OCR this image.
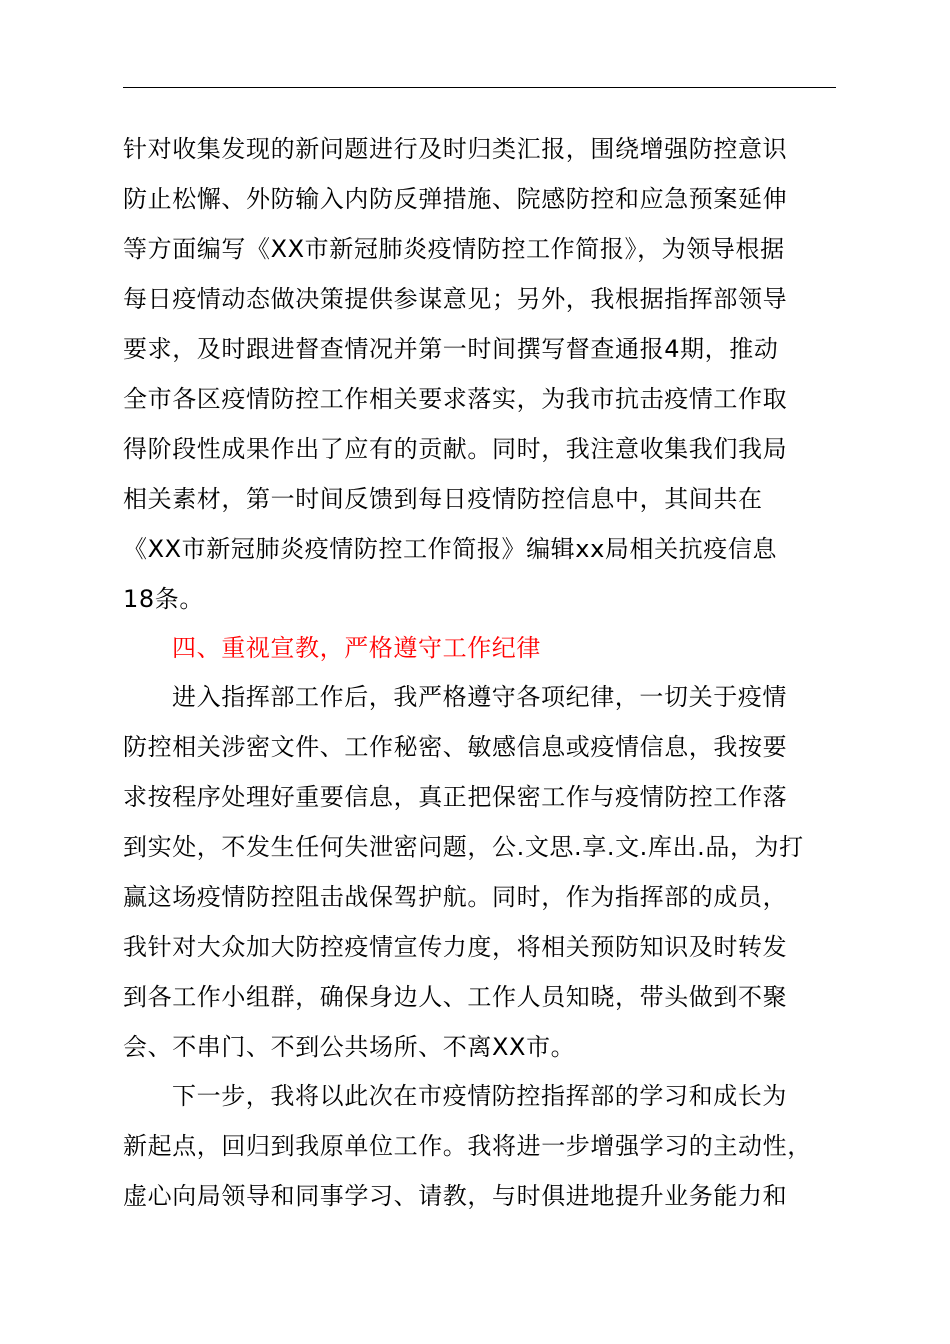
针对收集发现的新问题进行及时归类汇报，围绕增强防控意识
防止松懈、外防输入内防反弹措施、院感防控和应急预案延伸
等方面编写《XX市新冠肺炎疫情防控工作简报》，为领导根据
每日疫情动态做决策提供参谋意见；另外，我根据指挥部领导
要求，及时跟进督查情况并第一时间撰写督查通报4期，推动
全市各区疫情防控工作相关要求落实，为我市抗击疫情工作取
得阶段性成果作出了应有的贡献。同时，我注意收集我们我局
相关素材，第一时间反馈到每日疫情防控信息中，其间共在
《XX市新冠肺炎疫情防控工作简报》编辑xx局相关抗疫信息
18条。
四、重视宣教，严格遵守工作纪律
进入指挥部工作后，我严格遵守各项纪律，一切关于疫情
防控相关涉密文件、工作秘密、敏感信息或疫情信息，我按要
求按程序处理好重要信息，真正把保密工作与疫情防控工作落
到实处，不发生任何失泄密问题，公.文思.享.文.库出.品，为打
赢这场疫情防控阻击战保驾护航。同时，作为指挥部的成员，
我针对大众加大防控疫情宣传力度，将相关预防知识及时转发
到各工作小组群，确保身边人、工作人员知晓，带头做到不聚
会、不串门、不到公共场所、不离XX市。
下一步，我将以此次在市疫情防控指挥部的学习和成长为
新起点，回归到我原单位工作。我将进一步增强学习的主动性，
虚心向局领导和同事学习、请教，与时俱进地提升业务能力和
